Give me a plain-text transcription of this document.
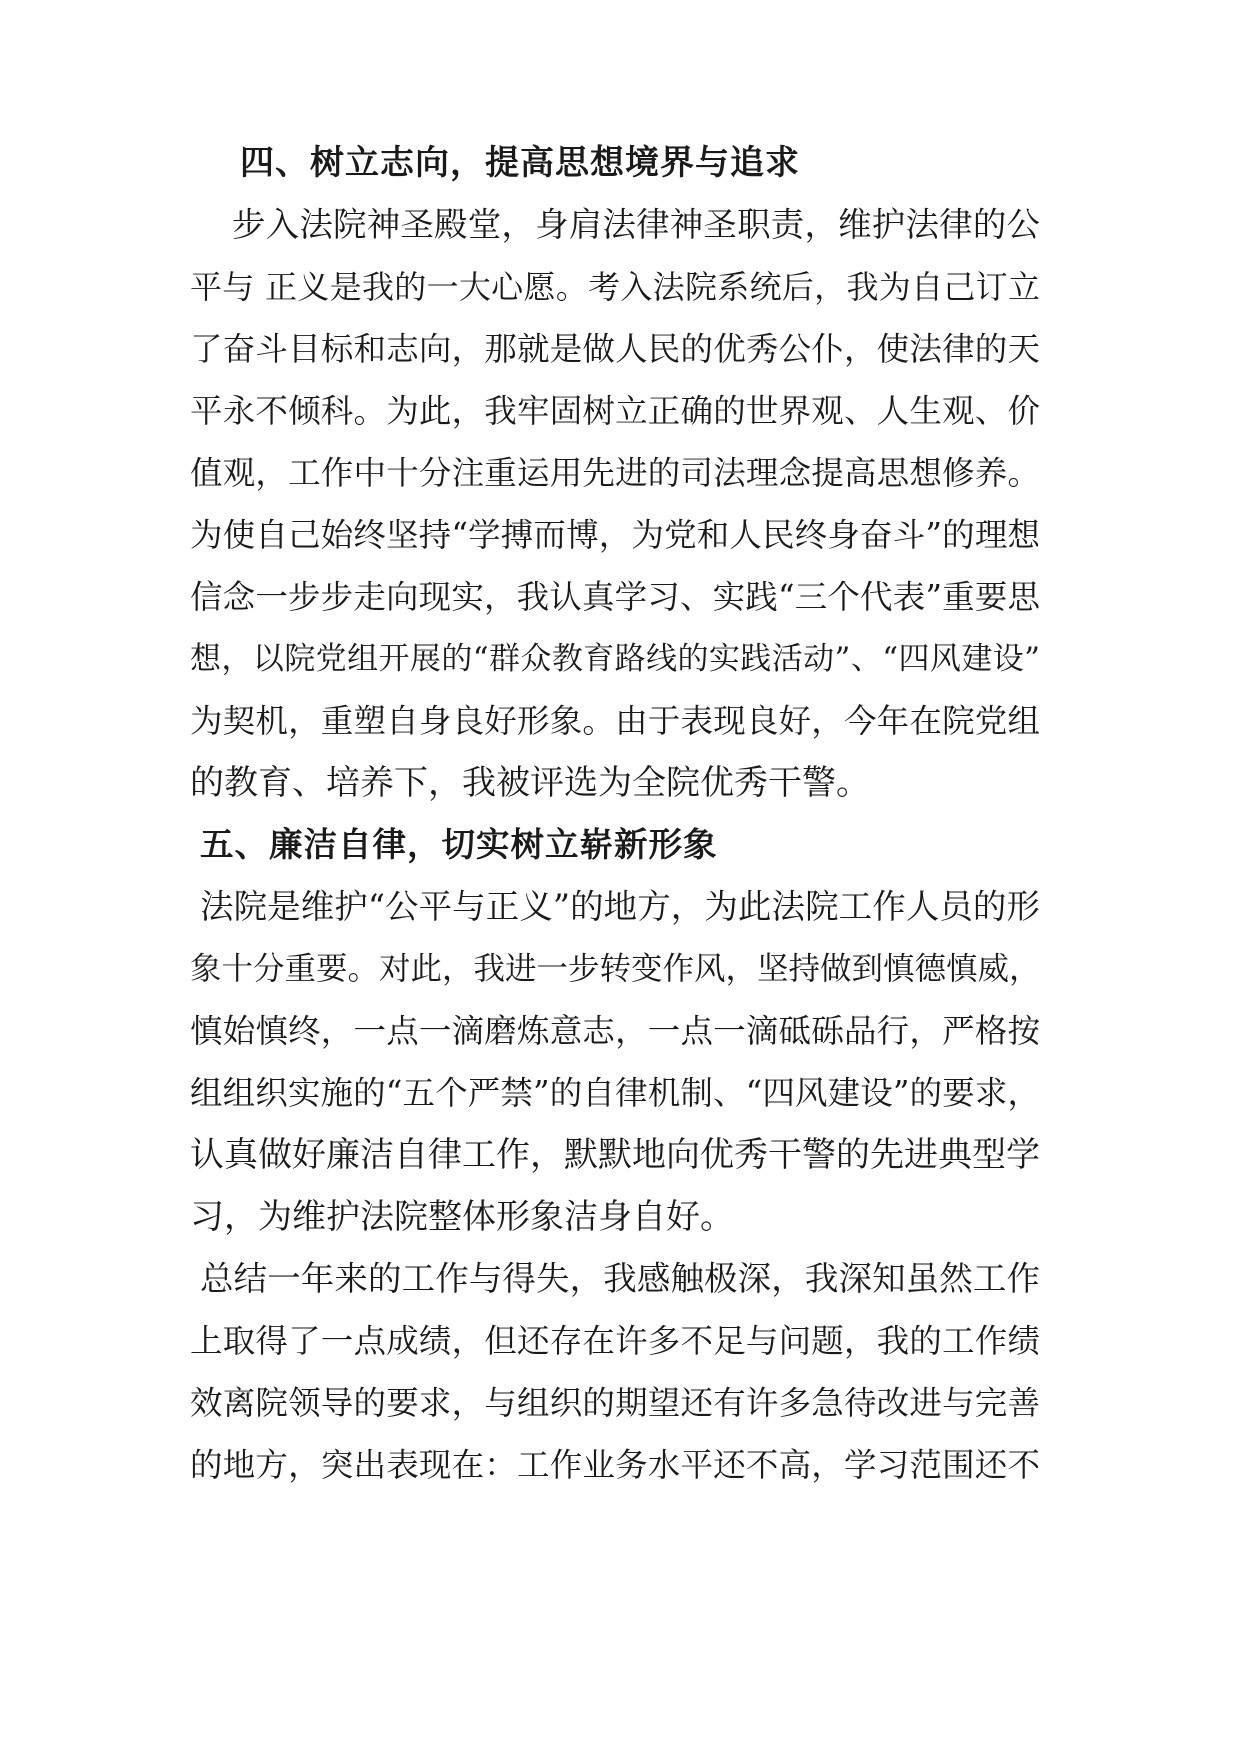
四、树立志向，提高思想境界与追求
步入法院神圣殿堂，身肩法律神圣职责，维护法律的公
平与 正义是我的一大心愿。考入法院系统后，我为自己订立
了奋斗目标和志向，那就是做人民的优秀公仆，使法律的天
平永不倾科。为此，我牢固树立正确的世界观、人生观、价
值观，工作中十分注重运用先进的司法理念提高思想修养。
为使自己始终坚持“学搏而博，为党和人民终身奋斗”的理想
信念一步步走向现实，我认真学习、实践“三个代表”重要思
想，以院党组开展的“群众教育路线的实践活动”、“四风建设”
为契机，重塑自身良好形象。由于表现良好，今年在院党组
的教育、培养下，我被评选为全院优秀干警。
五、廉洁自律，切实树立崭新形象
法院是维护“公平与正义”的地方，为此法院工作人员的形
象十分重要。对此，我进一步转变作风，坚持做到慎德慎威，
慎始慎终，一点一滴磨炼意志，一点一滴砥砾品行，严格按
组组织实施的“五个严禁”的自律机制、“四风建设”的要求，
认真做好廉洁自律工作，默默地向优秀干警的先进典型学
习，为维护法院整体形象洁身自好。
总结一年来的工作与得失，我感触极深，我深知虽然工作
上取得了一点成绩，但还存在许多不足与问题，我的工作绩
效离院领导的要求，与组织的期望还有许多急待改进与完善
的地方，突出表现在：工作业务水平还不高，学习范围还不
